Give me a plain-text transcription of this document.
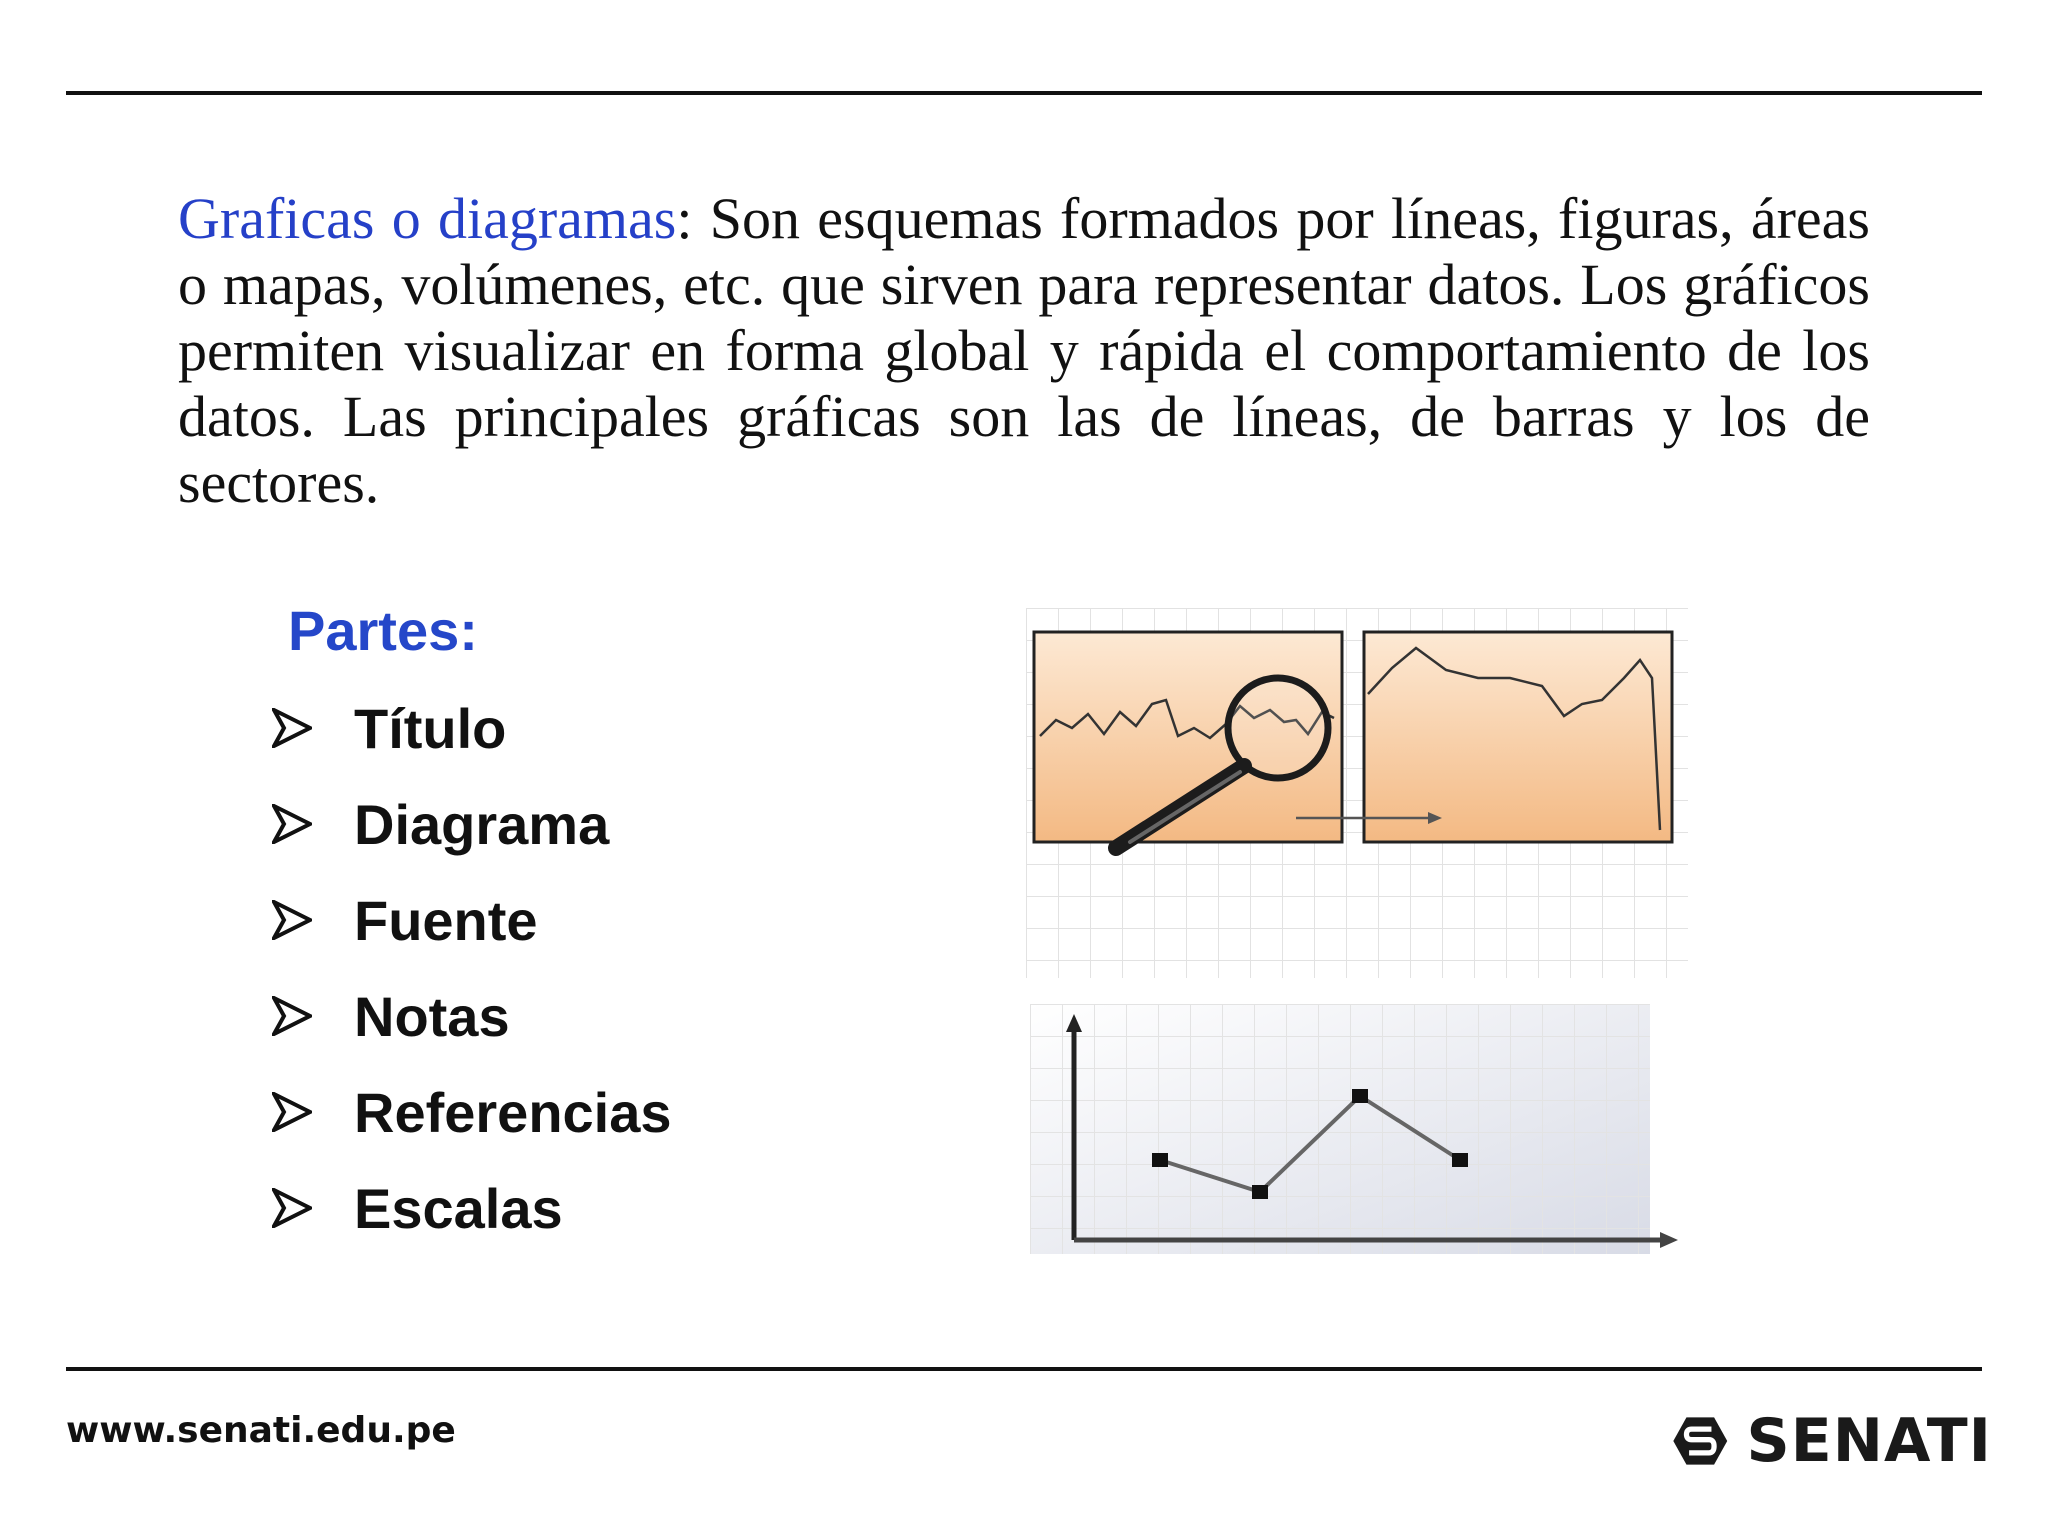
Graficas o diagramas: Son esquemas formados por líneas, figuras, áreas o mapas, volúmenes, etc. que sirven para representar datos. Los gráficos permiten visualizar en forma global y rápida el comportamiento de los datos. Las principales gráficas son las de líneas, de barras y los de sectores.

Partes:
Título
Diagrama
Fuente
Notas
Referencias
Escalas
www.senati.edu.pe	SENATI
